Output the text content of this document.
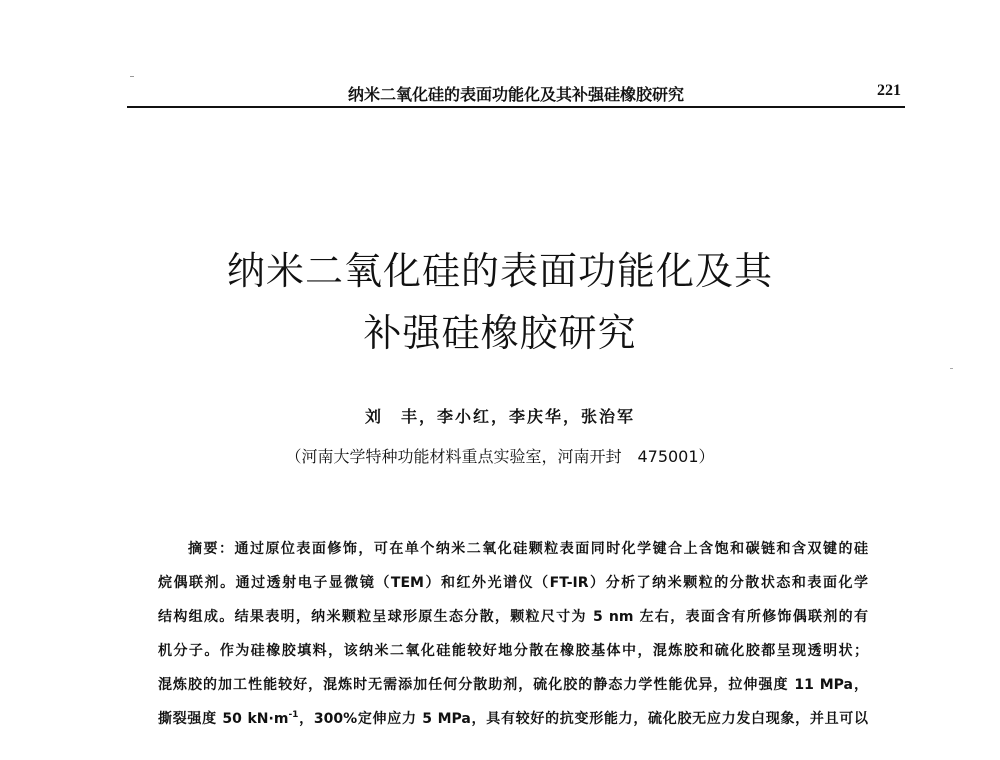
纳米二氧化硅的表面功能化及其补强硅橡胶研究	221
纳米二氧化硅的表面功能化及其
补强硅橡胶研究
刘　丰，李小红，李庆华，张治军
（河南大学特种功能材料重点实验室，河南开封　475001）
摘要：通过原位表面修饰，可在单个纳米二氧化硅颗粒表面同时化学键合上含饱和碳链和含双键的硅
烷偶联剂。通过透射电子显微镜（TEM）和红外光谱仪（FT-IR）分析了纳米颗粒的分散状态和表面化学
结构组成。结果表明，纳米颗粒呈球形原生态分散，颗粒尺寸为 5 nm 左右，表面含有所修饰偶联剂的有
机分子。作为硅橡胶填料，该纳米二氧化硅能较好地分散在橡胶基体中，混炼胶和硫化胶都呈现透明状；
混炼胶的加工性能较好，混炼时无需添加任何分散助剂，硫化胶的静态力学性能优异，拉伸强度 11 MPa，
撕裂强度 50 $kN\cdot m^{-1}$，300%定伸应力 5 MPa，具有较好的抗变形能力，硫化胶无应力发白现象，并且可以
